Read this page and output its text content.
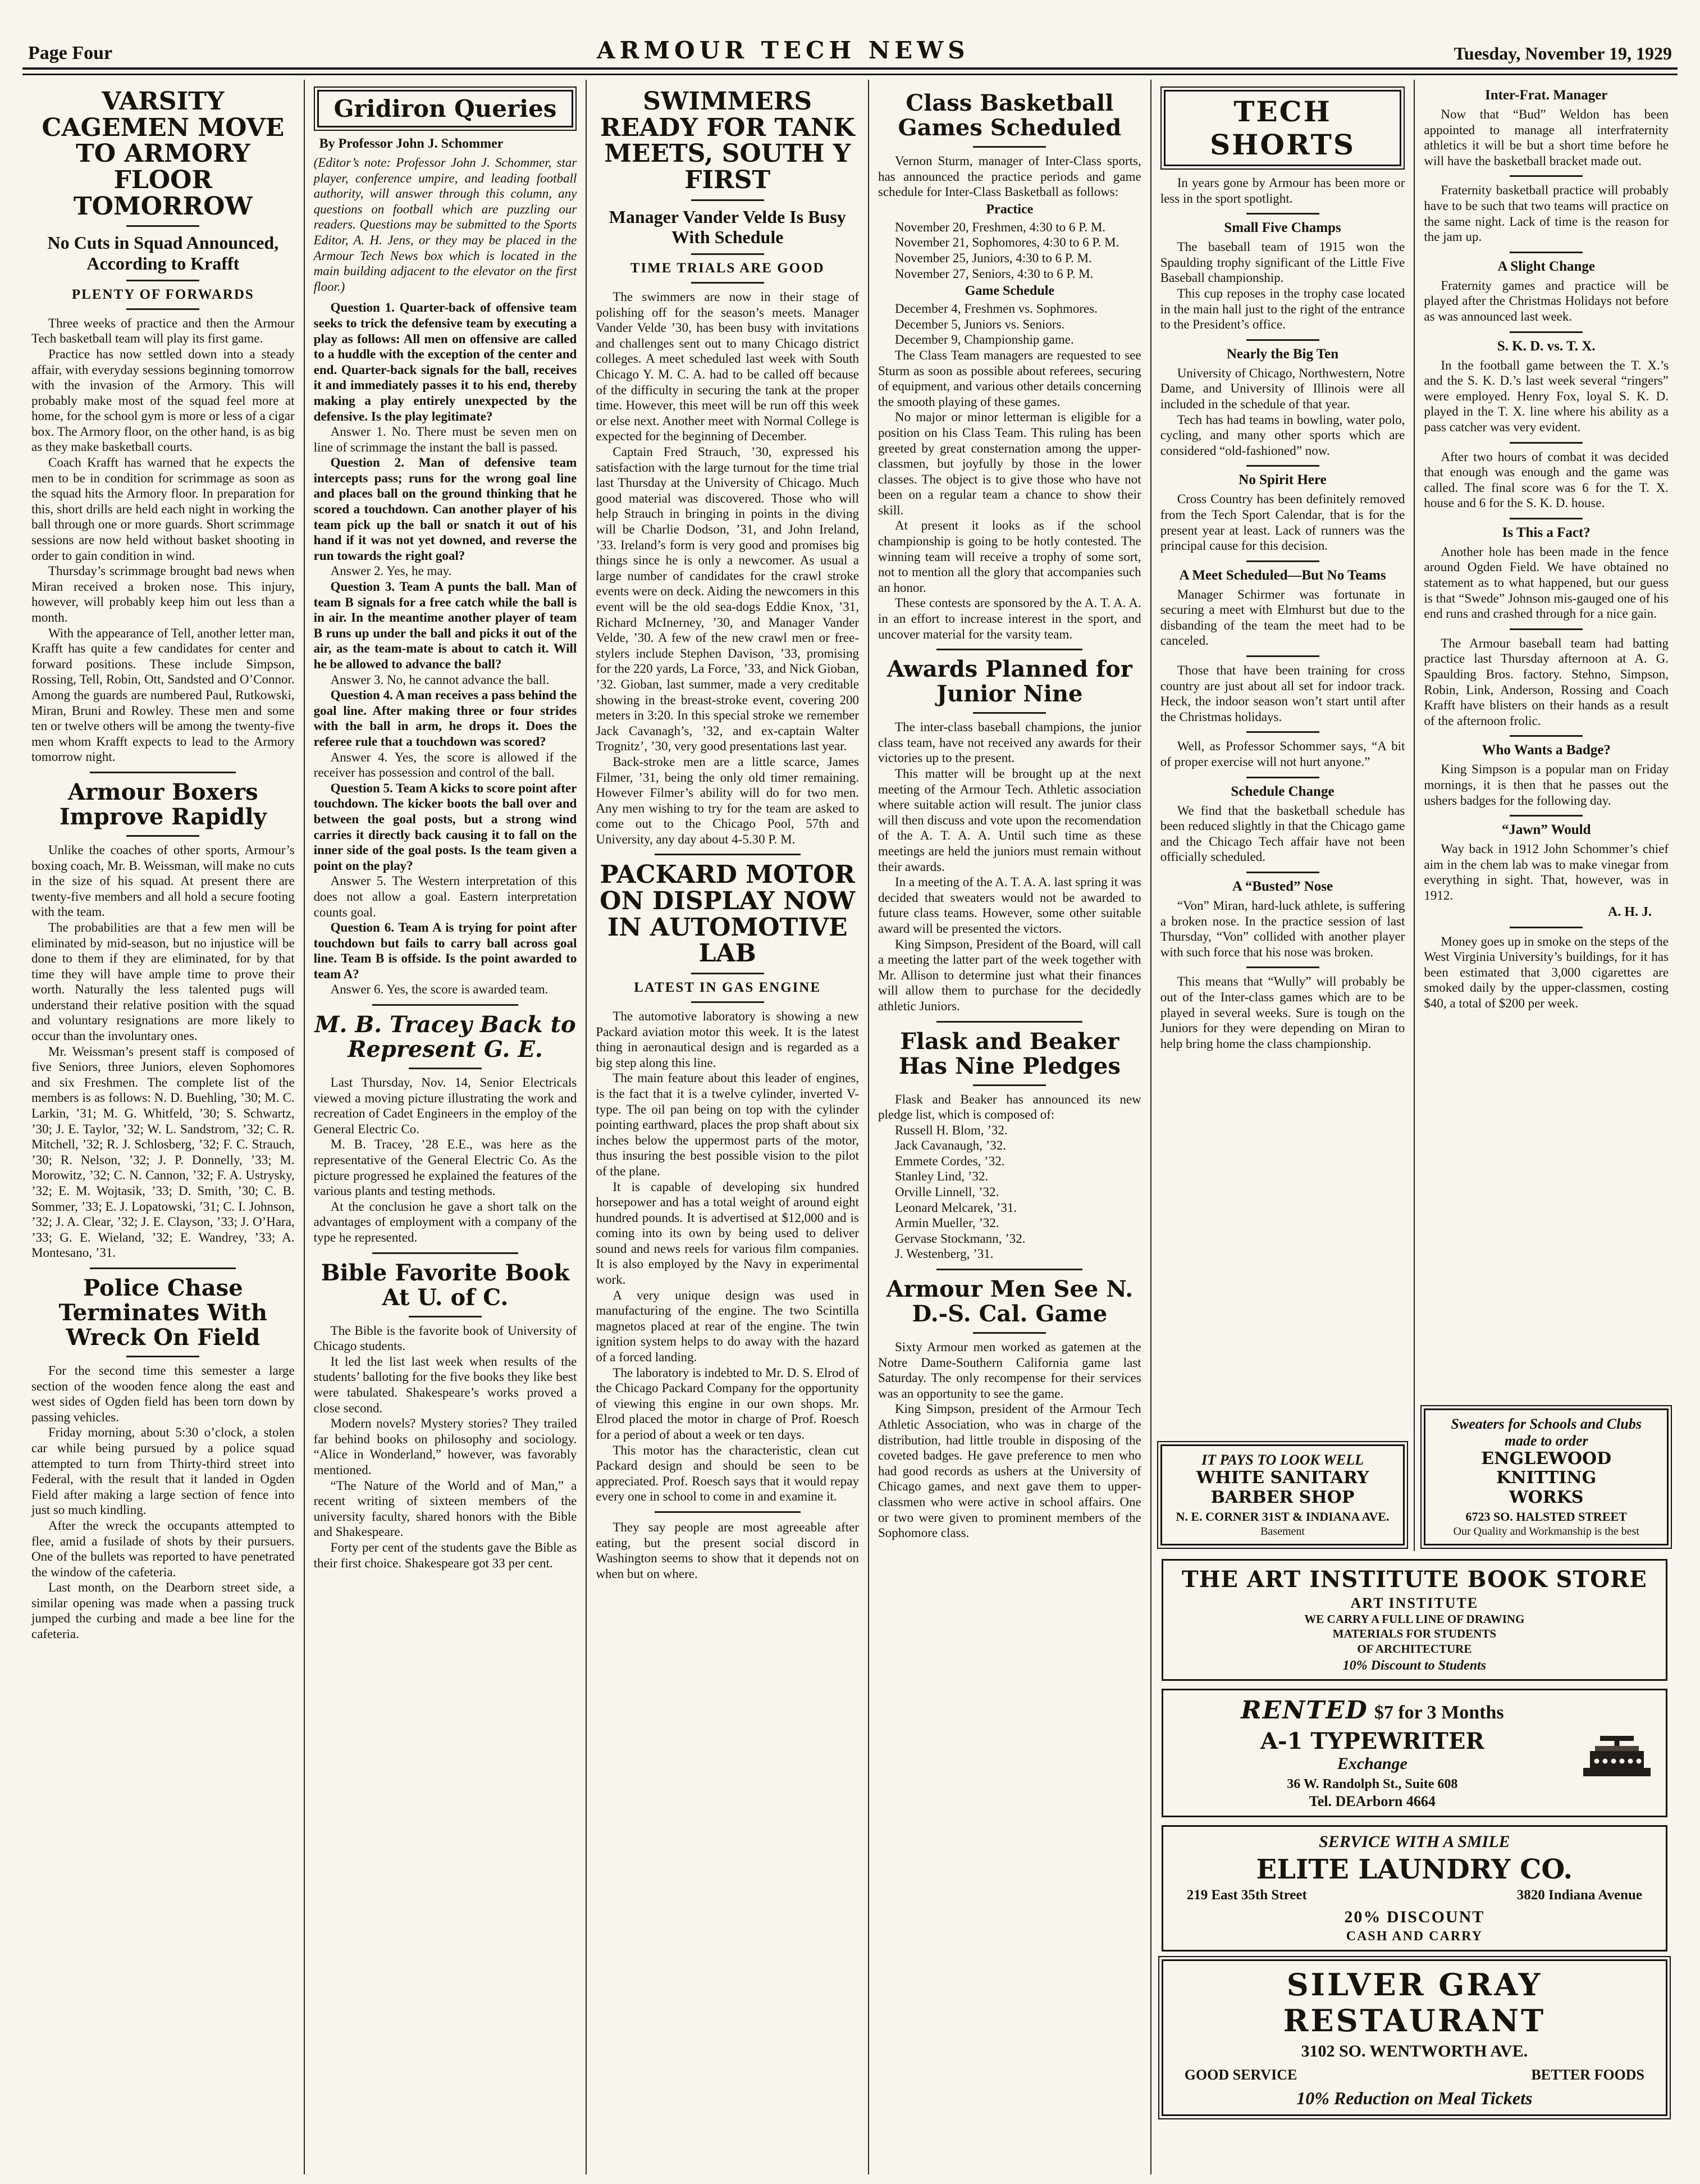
Page Four	ARMOUR TECH NEWS	Tuesday, November 19, 1929
VARSITY CAGEMEN MOVE TO ARMORY FLOOR TOMORROW
No Cuts in Squad Announced, According to Krafft
PLENTY OF FORWARDS

Three weeks of practice and then the Armour Tech basketball team will play its first game.

Practice has now settled down into a steady affair, with everyday sessions beginning tomorrow with the invasion of the Armory. This will probably make most of the squad feel more at home, for the school gym is more or less of a cigar box. The Armory floor, on the other hand, is as big as they make basketball courts.

Coach Krafft has warned that he expects the men to be in condition for scrimmage as soon as the squad hits the Armory floor. In preparation for this, short drills are held each night in working the ball through one or more guards. Short scrimmage sessions are now held without basket shooting in order to gain condition in wind.

Thursday’s scrimmage brought bad news when Miran received a broken nose. This injury, however, will probably keep him out less than a month.

With the appearance of Tell, another letter man, Krafft has quite a few candidates for center and forward positions. These include Simpson, Rossing, Tell, Robin, Ott, Sandsted and O’Connor. Among the guards are numbered Paul, Rutkowski, Miran, Bruni and Rowley. These men and some ten or twelve others will be among the twenty-five men whom Krafft expects to lead to the Armory tomorrow night.

Armour Boxers Improve Rapidly

Unlike the coaches of other sports, Armour’s boxing coach, Mr. B. Weissman, will make no cuts in the size of his squad. At present there are twenty-five members and all hold a secure footing with the team.

The probabilities are that a few men will be eliminated by mid-season, but no injustice will be done to them if they are eliminated, for by that time they will have ample time to prove their worth. Naturally the less talented pugs will understand their relative position with the squad and voluntary resignations are more likely to occur than the involuntary ones.

Mr. Weissman’s present staff is composed of five Seniors, three Juniors, eleven Sophomores and six Freshmen. The complete list of the members is as follows: N. D. Buehling, ’30; M. C. Larkin, ’31; M. G. Whitfeld, ’30; S. Schwartz, ’30; J. E. Taylor, ’32; W. L. Sandstrom, ’32; C. R. Mitchell, ’32; R. J. Schlosberg, ’32; F. C. Strauch, ’30; R. Nelson, ’32; J. P. Donnelly, ’33; M. Morowitz, ’32; C. N. Cannon, ’32; F. A. Ustrysky, ’32; E. M. Wojtasik, ’33; D. Smith, ’30; C. B. Sommer, ’33; E. J. Lopatowski, ’31; C. I. Johnson, ’32; J. A. Clear, ’32; J. E. Clayson, ’33; J. O’Hara, ’33; G. E. Wieland, ’32; E. Wandrey, ’33; A. Montesano, ’31.

Police Chase Terminates With Wreck On Field

For the second time this semester a large section of the wooden fence along the east and west sides of Ogden field has been torn down by passing vehicles.

Friday morning, about 5:30 o’clock, a stolen car while being pursued by a police squad attempted to turn from Thirty-third street into Federal, with the result that it landed in Ogden Field after making a large section of fence into just so much kindling.

After the wreck the occupants attempted to flee, amid a fusilade of shots by their pursuers. One of the bullets was reported to have penetrated the window of the cafeteria.

Last month, on the Dearborn street side, a similar opening was made when a passing truck jumped the curbing and made a bee line for the cafeteria.

Gridiron Queries
By Professor John J. Schommer
(Editor’s note: Professor John J. Schommer, star player, conference umpire, and leading football authority, will answer through this column, any questions on football which are puzzling our readers. Questions may be submitted to the Sports Editor, A. H. Jens, or they may be placed in the Armour Tech News box which is located in the main building adjacent to the elevator on the first floor.)

Question 1. Quarter-back of offensive team seeks to trick the defensive team by executing a play as follows: All men on offensive are called to a huddle with the exception of the center and end. Quarter-back signals for the ball, receives it and immediately passes it to his end, thereby making a play entirely unexpected by the defensive. Is the play legitimate?

Answer 1. No. There must be seven men on line of scrimmage the instant the ball is passed.

Question 2. Man of defensive team intercepts pass; runs for the wrong goal line and places ball on the ground thinking that he scored a touchdown. Can another player of his team pick up the ball or snatch it out of his hand if it was not yet downed, and reverse the run towards the right goal?

Answer 2. Yes, he may.

Question 3. Team A punts the ball. Man of team B signals for a free catch while the ball is in air. In the meantime another player of team B runs up under the ball and picks it out of the air, as the team-mate is about to catch it. Will he be allowed to advance the ball?

Answer 3. No, he cannot advance the ball.

Question 4. A man receives a pass behind the goal line. After making three or four strides with the ball in arm, he drops it. Does the referee rule that a touchdown was scored?

Answer 4. Yes, the score is allowed if the receiver has possession and control of the ball.

Question 5. Team A kicks to score point after touchdown. The kicker boots the ball over and between the goal posts, but a strong wind carries it directly back causing it to fall on the inner side of the goal posts. Is the team given a point on the play?

Answer 5. The Western interpretation of this does not allow a goal. Eastern interpretation counts goal.

Question 6. Team A is trying for point after touchdown but fails to carry ball across goal line. Team B is offside. Is the point awarded to team A?

Answer 6. Yes, the score is awarded team.

M. B. Tracey Back to Represent G. E.

Last Thursday, Nov. 14, Senior Electricals viewed a moving picture illustrating the work and recreation of Cadet Engineers in the employ of the General Electric Co.

M. B. Tracey, ’28 E.E., was here as the representative of the General Electric Co. As the picture progressed he explained the features of the various plants and testing methods.

At the conclusion he gave a short talk on the advantages of employment with a company of the type he represented.

Bible Favorite Book At U. of C.

The Bible is the favorite book of University of Chicago students.

It led the list last week when results of the students’ balloting for the five books they like best were tabulated. Shakespeare’s works proved a close second.

Modern novels? Mystery stories? They trailed far behind books on philosophy and sociology. “Alice in Wonderland,” however, was favorably mentioned.

“The Nature of the World and of Man,” a recent writing of sixteen members of the university faculty, shared honors with the Bible and Shakespeare.

Forty per cent of the students gave the Bible as their first choice. Shakespeare got 33 per cent.

SWIMMERS READY FOR TANK MEETS, SOUTH Y FIRST
Manager Vander Velde Is Busy With Schedule
TIME TRIALS ARE GOOD

The swimmers are now in their stage of polishing off for the season’s meets. Manager Vander Velde ’30, has been busy with invitations and challenges sent out to many Chicago district colleges. A meet scheduled last week with South Chicago Y. M. C. A. had to be called off because of the difficulty in securing the tank at the proper time. However, this meet will be run off this week or else next. Another meet with Normal College is expected for the beginning of December.

Captain Fred Strauch, ’30, expressed his satisfaction with the large turnout for the time trial last Thursday at the University of Chicago. Much good material was discovered. Those who will help Strauch in bringing in points in the diving will be Charlie Dodson, ’31, and John Ireland, ’33. Ireland’s form is very good and promises big things since he is only a newcomer. As usual a large number of candidates for the crawl stroke events were on deck. Aiding the newcomers in this event will be the old sea-dogs Eddie Knox, ’31, Richard McInerney, ’30, and Manager Vander Velde, ’30. A few of the new crawl men or free-stylers include Stephen Davison, ’33, promising for the 220 yards, La Force, ’33, and Nick Gioban, ’32. Gioban, last summer, made a very creditable showing in the breast-stroke event, covering 200 meters in 3:20. In this special stroke we remember Jack Cavanagh’s, ’32, and ex-captain Walter Trognitz’, ’30, very good presentations last year.

Back-stroke men are a little scarce, James Filmer, ’31, being the only old timer remaining. However Filmer’s ability will do for two men. Any men wishing to try for the team are asked to come out to the Chicago Pool, 57th and University, any day about 4-5.30 P. M.

PACKARD MOTOR ON DISPLAY NOW IN AUTOMOTIVE LAB
LATEST IN GAS ENGINE

The automotive laboratory is showing a new Packard aviation motor this week. It is the latest thing in aeronautical design and is regarded as a big step along this line.

The main feature about this leader of engines, is the fact that it is a twelve cylinder, inverted V-type. The oil pan being on top with the cylinder pointing earthward, places the prop shaft about six inches below the uppermost parts of the motor, thus insuring the best possible vision to the pilot of the plane.

It is capable of developing six hundred horsepower and has a total weight of around eight hundred pounds. It is advertised at $12,000 and is coming into its own by being used to deliver sound and news reels for various film companies. It is also employed by the Navy in experimental work.

A very unique design was used in manufacturing of the engine. The two Scintilla magnetos placed at rear of the engine. The twin ignition system helps to do away with the hazard of a forced landing.

The laboratory is indebted to Mr. D. S. Elrod of the Chicago Packard Company for the opportunity of viewing this engine in our own shops. Mr. Elrod placed the motor in charge of Prof. Roesch for a period of about a week or ten days.

This motor has the characteristic, clean cut Packard design and should be seen to be appreciated. Prof. Roesch says that it would repay every one in school to come in and examine it.

They say people are most agreeable after eating, but the present social discord in Washington seems to show that it depends not on when but on where.

Class Basketball Games Scheduled

Vernon Sturm, manager of Inter-Class sports, has announced the practice periods and game schedule for Inter-Class Basketball as follows:

Practice

November 20, Freshmen, 4:30 to 6 P. M.

November 21, Sophomores, 4:30 to 6 P. M.

November 25, Juniors, 4:30 to 6 P. M.

November 27, Seniors, 4:30 to 6 P. M.

Game Schedule

December 4, Freshmen vs. Sophmores.

December 5, Juniors vs. Seniors.

December 9, Championship game.

The Class Team managers are requested to see Sturm as soon as possible about referees, securing of equipment, and various other details concerning the smooth playing of these games.

No major or minor letterman is eligible for a position on his Class Team. This ruling has been greeted by great consternation among the upper-classmen, but joyfully by those in the lower classes. The object is to give those who have not been on a regular team a chance to show their skill.

At present it looks as if the school championship is going to be hotly contested. The winning team will receive a trophy of some sort, not to mention all the glory that accompanies such an honor.

These contests are sponsored by the A. T. A. A. in an effort to increase interest in the sport, and uncover material for the varsity team.

Awards Planned for Junior Nine

The inter-class baseball champions, the junior class team, have not received any awards for their victories up to the present.

This matter will be brought up at the next meeting of the Armour Tech. Athletic association where suitable action will result. The junior class will then discuss and vote upon the recomendation of the A. T. A. A. Until such time as these meetings are held the juniors must remain without their awards.

In a meeting of the A. T. A. A. last spring it was decided that sweaters would not be awarded to future class teams. However, some other suitable award will be presented the victors.

King Simpson, President of the Board, will call a meeting the latter part of the week together with Mr. Allison to determine just what their finances will allow them to purchase for the decidedly athletic Juniors.

Flask and Beaker Has Nine Pledges

Flask and Beaker has announced its new pledge list, which is composed of:

Russell H. Blom, ’32.

Jack Cavanaugh, ’32.

Emmete Cordes, ’32.

Stanley Lind, ’32.

Orville Linnell, ’32.

Leonard Melcarek, ’31.

Armin Mueller, ’32.

Gervase Stockmann, ’32.

J. Westenberg, ’31.

Armour Men See N. D.-S. Cal. Game

Sixty Armour men worked as gatemen at the Notre Dame-Southern California game last Saturday. The only recompense for their services was an opportunity to see the game.

King Simpson, president of the Armour Tech Athletic Association, who was in charge of the distribution, had little trouble in disposing of the coveted badges. He gave preference to men who had good records as ushers at the University of Chicago games, and next gave them to upper-classmen who were active in school affairs. One or two were given to prominent members of the Sophomore class.

TECH SHORTS

In years gone by Armour has been more or less in the sport spotlight.

Small Five Champs

The baseball team of 1915 won the Spaulding trophy significant of the Little Five Baseball championship.

This cup reposes in the trophy case located in the main hall just to the right of the entrance to the President’s office.

Nearly the Big Ten

University of Chicago, Northwestern, Notre Dame, and University of Illinois were all included in the schedule of that year.

Tech has had teams in bowling, water polo, cycling, and many other sports which are considered “old-fashioned” now.

No Spirit Here

Cross Country has been definitely removed from the Tech Sport Calendar, that is for the present year at least. Lack of runners was the principal cause for this decision.

A Meet Scheduled—But No Teams

Manager Schirmer was fortunate in securing a meet with Elmhurst but due to the disbanding of the team the meet had to be canceled.

Those that have been training for cross country are just about all set for indoor track. Heck, the indoor season won’t start until after the Christmas holidays.

Well, as Professor Schommer says, “A bit of proper exercise will not hurt anyone.”

Schedule Change

We find that the basketball schedule has been reduced slightly in that the Chicago game and the Chicago Tech affair have not been officially scheduled.

A “Busted” Nose

“Von” Miran, hard-luck athlete, is suffering a broken nose. In the practice session of last Thursday, “Von” collided with another player with such force that his nose was broken.

This means that “Wully” will probably be out of the Inter-class games which are to be played in several weeks. Sure is tough on the Juniors for they were depending on Miran to help bring home the class championship.

IT PAYS TO LOOK WELL
WHITE SANITARY
BARBER SHOP
N. E. CORNER 31ST & INDIANA AVE.
Basement
Inter-Frat. Manager

Now that “Bud” Weldon has been appointed to manage all interfraternity athletics it will be but a short time before he will have the basketball bracket made out.

Fraternity basketball practice will probably have to be such that two teams will practice on the same night. Lack of time is the reason for the jam up.

A Slight Change

Fraternity games and practice will be played after the Christmas Holidays not before as was announced last week.

S. K. D. vs. T. X.

In the football game between the T. X.’s and the S. K. D.’s last week several “ringers” were employed. Henry Fox, loyal S. K. D. played in the T. X. line where his ability as a pass catcher was very evident.

After two hours of combat it was decided that enough was enough and the game was called. The final score was 6 for the T. X. house and 6 for the S. K. D. house.

Is This a Fact?

Another hole has been made in the fence around Ogden Field. We have obtained no statement as to what happened, but our guess is that “Swede” Johnson mis-gauged one of his end runs and crashed through for a nice gain.

The Armour baseball team had batting practice last Thursday afternoon at A. G. Spaulding Bros. factory. Stehno, Simpson, Robin, Link, Anderson, Rossing and Coach Krafft have blisters on their hands as a result of the afternoon frolic.

Who Wants a Badge?

King Simpson is a popular man on Friday mornings, it is then that he passes out the ushers badges for the following day.

“Jawn” Would

Way back in 1912 John Schommer’s chief aim in the chem lab was to make vinegar from everything in sight. That, however, was in 1912.

A. H. J.

Money goes up in smoke on the steps of the West Virginia University’s buildings, for it has been estimated that 3,000 cigarettes are smoked daily by the upper-classmen, costing $40, a total of $200 per week.

Sweaters for Schools and Clubs
made to order
ENGLEWOOD KNITTING
WORKS
6723 SO. HALSTED STREET
Our Quality and Workmanship is the best
THE ART INSTITUTE BOOK STORE
ART INSTITUTE
WE CARRY A FULL LINE OF DRAWING
MATERIALS FOR STUDENTS
OF ARCHITECTURE
10% Discount to Students
RENTED $7 for 3 Months
A-1 TYPEWRITER
Exchange
36 W. Randolph St., Suite 608
Tel. DEArborn 4664
SERVICE WITH A SMILE
ELITE LAUNDRY CO.
219 East 35th Street	3820 Indiana Avenue
20% DISCOUNT
CASH AND CARRY
SILVER GRAY RESTAURANT
3102 SO. WENTWORTH AVE.
GOOD SERVICE	BETTER FOODS
10% Reduction on Meal Tickets
